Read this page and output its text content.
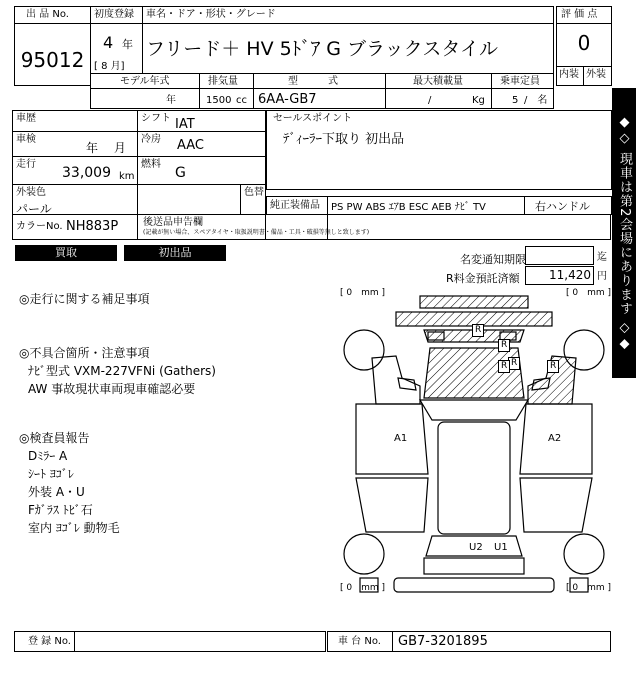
出 品 No.
95012
初度登録 車名・ドア・形状・グレード
4 年
[ 8 月]
フリード＋ HV 5ﾄﾞｱ G ブラックスタイル
評 価 点
0
内装 外装
モデル年式	排気量	型　　　式	最大積載量	乗車定員
年	1500 cc 6AA-GB7	/	Kg	5 /　名
車歴	シフト IAT
車検
年　 月
冷房 AAC
走行
33,009 km
燃料
G
外装色
パール
色替
カラーNo. NH883P 後送品申告欄
(記載が無い場合、スペアタイヤ・取扱説明書・備品・工具・破損等無しと致します)
セールスポイント
ﾃﾞｨｰﾗｰ下取り 初出品
純正装備品 PS PW ABS ｴｱB ESC AEB ﾅﾋﾞ TV	右ハンドル
買取	初出品
名変通知期限	迄
R料金預託済額	11,420 円 ◆◇ 現車は第2会場にあります ◇◆
◎走行に関する補足事項
◎不具合箇所・注意事項
ﾅﾋﾞ型式 VXM-227VFNi (Gathers)
AW 事故現状車両現車確認必要
◎検査員報告
Dﾐﾗｰ A
ｼｰﾄ ﾖｺﾞﾚ
外装 A・U
Fｶﾞﾗｽ ﾄﾋﾞ石
室内 ﾖｺﾞﾚ 動物毛
[ 0　mm ]	[ 0　mm ]
[ 0　mm ]	[ 0　mm ]
R
R
R
R	R
A1	A2
U2 U1
登 録 No.	車 台 No. GB7-3201895
